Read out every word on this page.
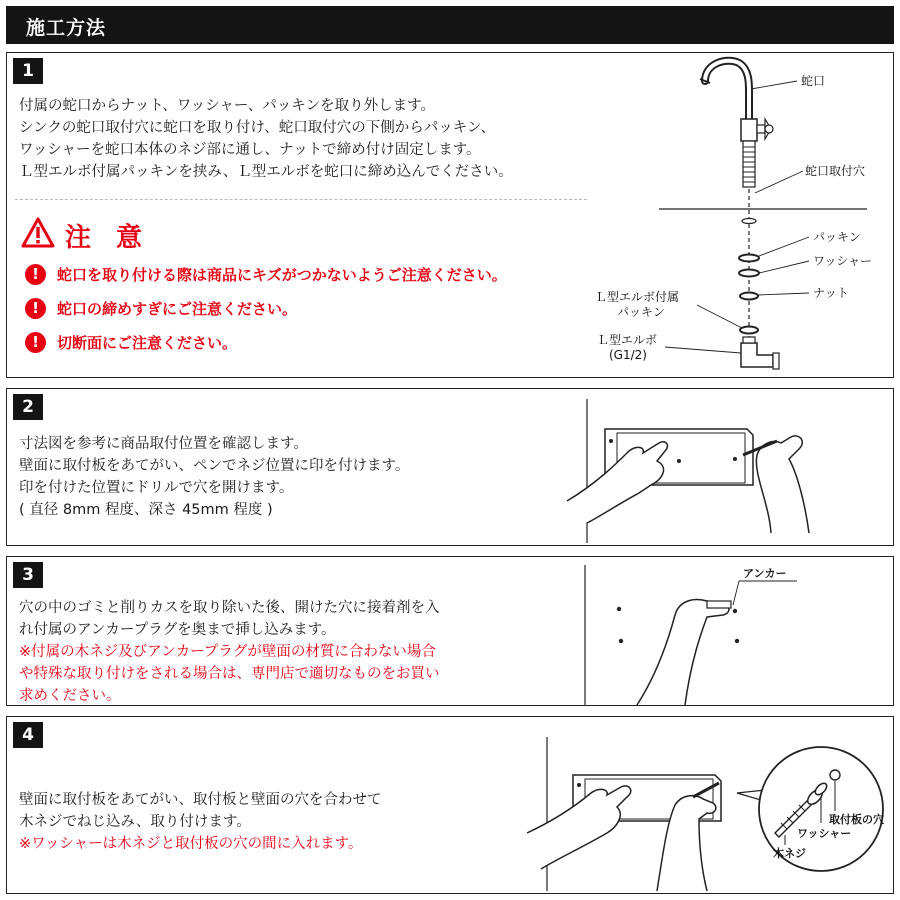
施工方法
1
付属の蛇口からナット、ワッシャー、パッキンを取り外します。
シンクの蛇口取付穴に蛇口を取り付け、蛇口取付穴の下側からパッキン、
ワッシャーを蛇口本体のネジ部に通し、ナットで締め付け固定します。
Ｌ型エルボ付属パッキンを挟み、Ｌ型エルボを蛇口に締め込んでください。
注 意
!	蛇口を取り付ける際は商品にキズがつかないようご注意ください。
!	蛇口の締めすぎにご注意ください。
!	切断面にご注意ください。
蛇口
蛇口取付穴
パッキン
ワッシャー
ナット
Ｌ型エルボ付属
パッキン
Ｌ型エルボ
(G1/2)
2
寸法図を参考に商品取付位置を確認します。
壁面に取付板をあてがい、ペンでネジ位置に印を付けます。
印を付けた位置にドリルで穴を開けます。
( 直径 8mm 程度、深さ 45mm 程度 )
3
穴の中のゴミと削りカスを取り除いた後、開けた穴に接着剤を入
れ付属のアンカープラグを奥まで挿し込みます。
※付属の木ネジ及びアンカープラグが壁面の材質に合わない場合
や特殊な取り付けをされる場合は、専門店で適切なものをお買い
求めください。
アンカー
4
壁面に取付板をあてがい、取付板と壁面の穴を合わせて
木ネジでねじ込み、取り付けます。
※ワッシャーは木ネジと取付板の穴の間に入れます。
取付板の穴
ワッシャー
木ネジ
